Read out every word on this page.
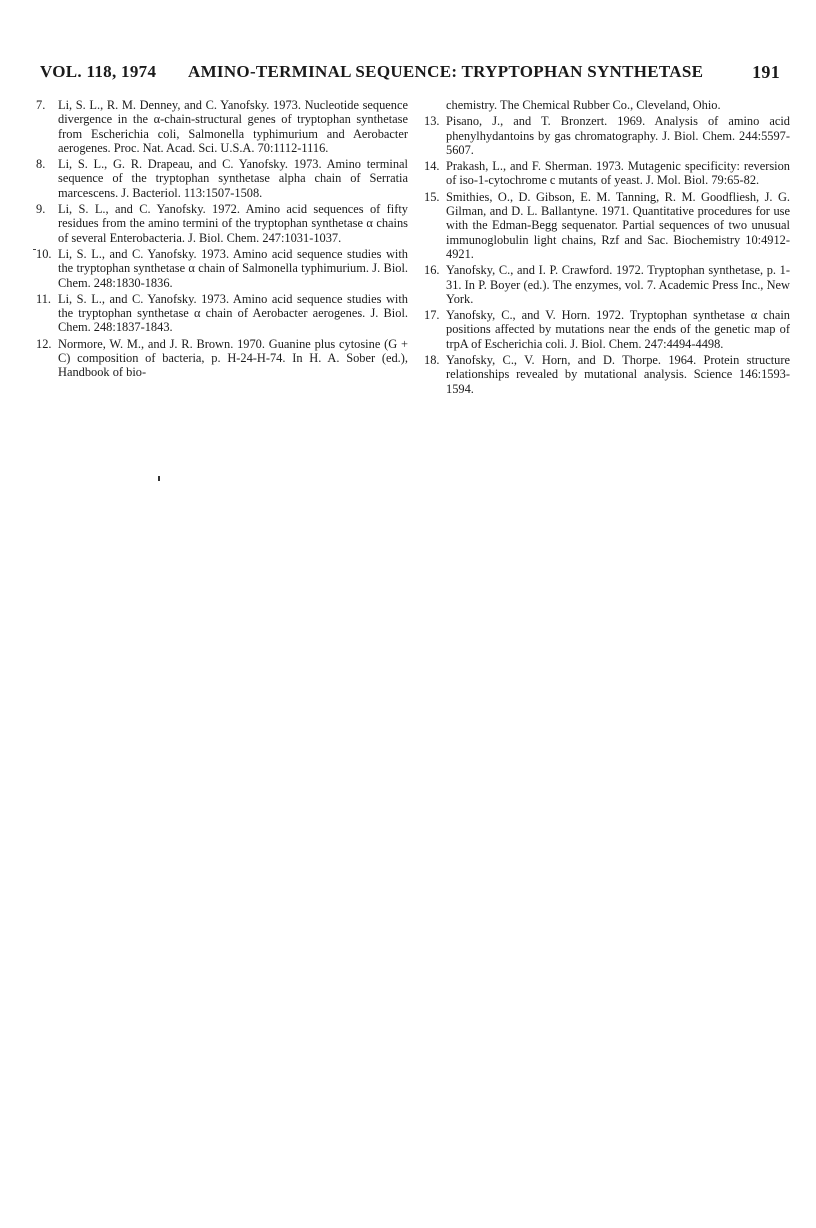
VOL. 118, 1974 AMINO-TERMINAL SEQUENCE: TRYPTOPHAN SYNTHETASE	191
7. Li, S. L., R. M. Denney, and C. Yanofsky. 1973. Nucleotide sequence divergence in the α-chain-structural genes of tryptophan synthetase from Escherichia coli, Salmonella typhimurium and Aerobacter aerogenes. Proc. Nat. Acad. Sci. U.S.A. 70:1112-1116.
8. Li, S. L., G. R. Drapeau, and C. Yanofsky. 1973. Amino terminal sequence of the tryptophan synthetase alpha chain of Serratia marcescens. J. Bacteriol. 113:1507-1508.
9. Li, S. L., and C. Yanofsky. 1972. Amino acid sequences of fifty residues from the amino termini of the tryptophan synthetase α chains of several Enterobacteria. J. Biol. Chem. 247:1031-1037.
10. Li, S. L., and C. Yanofsky. 1973. Amino acid sequence studies with the tryptophan synthetase α chain of Salmonella typhimurium. J. Biol. Chem. 248:1830-1836.
11. Li, S. L., and C. Yanofsky. 1973. Amino acid sequence studies with the tryptophan synthetase α chain of Aerobacter aerogenes. J. Biol. Chem. 248:1837-1843.
12. Normore, W. M., and J. R. Brown. 1970. Guanine plus cytosine (G + C) composition of bacteria, p. H-24-H-74. In H. A. Sober (ed.), Handbook of bio-
chemistry. The Chemical Rubber Co., Cleveland, Ohio.
13. Pisano, J., and T. Bronzert. 1969. Analysis of amino acid phenylhydantoins by gas chromatography. J. Biol. Chem. 244:5597-5607.
14. Prakash, L., and F. Sherman. 1973. Mutagenic specificity: reversion of iso-1-cytochrome c mutants of yeast. J. Mol. Biol. 79:65-82.
15. Smithies, O., D. Gibson, E. M. Tanning, R. M. Goodfliesh, J. G. Gilman, and D. L. Ballantyne. 1971. Quantitative procedures for use with the Edman-Begg sequenator. Partial sequences of two unusual immunoglobulin light chains, Rzf and Sac. Biochemistry 10:4912-4921.
16. Yanofsky, C., and I. P. Crawford. 1972. Tryptophan synthetase, p. 1-31. In P. Boyer (ed.). The enzymes, vol. 7. Academic Press Inc., New York.
17. Yanofsky, C., and V. Horn. 1972. Tryptophan synthetase α chain positions affected by mutations near the ends of the genetic map of trpA of Escherichia coli. J. Biol. Chem. 247:4494-4498.
18. Yanofsky, C., V. Horn, and D. Thorpe. 1964. Protein structure relationships revealed by mutational analysis. Science 146:1593-1594.
